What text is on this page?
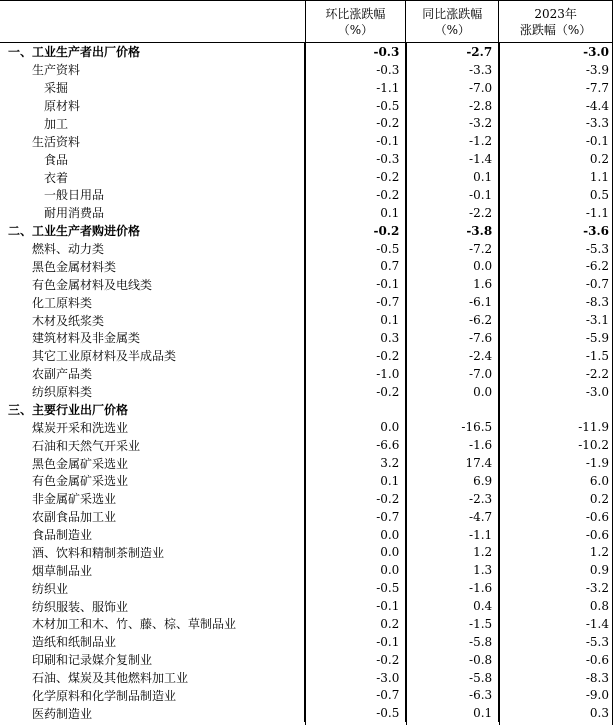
环比涨跌幅
（%）
同比涨跌幅
（%）
2023年
涨跌幅（%）
一、工业生产者出厂价格	-0.3	-2.7	-3.0
生产资料	-0.3	-3.3	-3.9
采掘	-1.1	-7.0	-7.7
原材料	-0.5	-2.8	-4.4
加工	-0.2	-3.2	-3.3
生活资料	-0.1	-1.2	-0.1
食品	-0.3	-1.4	0.2
衣着	-0.2	0.1	1.1
一般日用品	-0.2	-0.1	0.5
耐用消费品	0.1	-2.2	-1.1
二、工业生产者购进价格	-0.2	-3.8	-3.6
燃料、动力类	-0.5	-7.2	-5.3
黑色金属材料类	0.7	0.0	-6.2
有色金属材料及电线类	-0.1	1.6	-0.7
化工原料类	-0.7	-6.1	-8.3
木材及纸浆类	0.1	-6.2	-3.1
建筑材料及非金属类	0.3	-7.6	-5.9
其它工业原材料及半成品类	-0.2	-2.4	-1.5
农副产品类	-1.0	-7.0	-2.2
纺织原料类	-0.2	0.0	-3.0
三、主要行业出厂价格
煤炭开采和洗选业	0.0	-16.5	-11.9
石油和天然气开采业	-6.6	-1.6	-10.2
黑色金属矿采选业	3.2	17.4	-1.9
有色金属矿采选业	0.1	6.9	6.0
非金属矿采选业	-0.2	-2.3	0.2
农副食品加工业	-0.7	-4.7	-0.6
食品制造业	0.0	-1.1	-0.6
酒、饮料和精制茶制造业	0.0	1.2	1.2
烟草制品业	0.0	1.3	0.9
纺织业	-0.5	-1.6	-3.2
纺织服装、服饰业	-0.1	0.4	0.8
木材加工和木、竹、藤、棕、草制品业	0.2	-1.5	-1.4
造纸和纸制品业	-0.1	-5.8	-5.3
印刷和记录媒介复制业	-0.2	-0.8	-0.6
石油、煤炭及其他燃料加工业	-3.0	-5.8	-8.3
化学原料和化学制品制造业	-0.7	-6.3	-9.0
医药制造业	-0.5	0.1	0.3
